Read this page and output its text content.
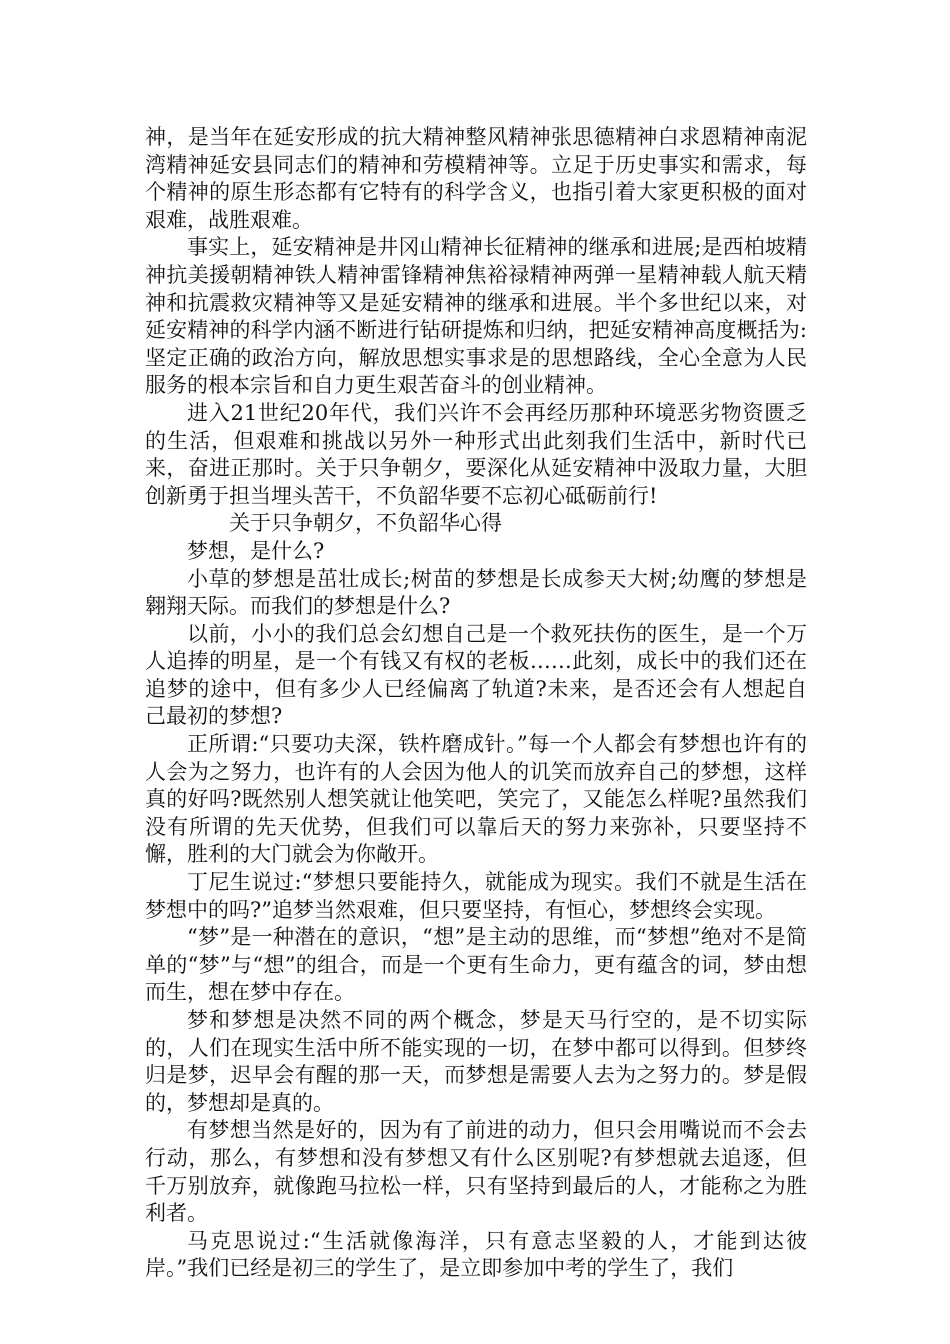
神，是当年在延安形成的抗大精神整风精神张思德精神白求恩精神南泥湾精神延安县同志们的精神和劳模精神等。立足于历史事实和需求，每个精神的原生形态都有它特有的科学含义，也指引着大家更积极的面对艰难，战胜艰难。

事实上，延安精神是井冈山精神长征精神的继承和进展;是西柏坡精神抗美援朝精神铁人精神雷锋精神焦裕禄精神两弹一星精神载人航天精神和抗震救灾精神等又是延安精神的继承和进展。半个多世纪以来，对延安精神的科学内涵不断进行钻研提炼和归纳，把延安精神高度概括为:坚定正确的政治方向，解放思想实事求是的思想路线，全心全意为人民服务的根本宗旨和自力更生艰苦奋斗的创业精神。

进入21世纪20年代，我们兴许不会再经历那种环境恶劣物资匮乏的生活，但艰难和挑战以另外一种形式出此刻我们生活中，新时代已来，奋进正那时。关于只争朝夕，要深化从延安精神中汲取力量，大胆创新勇于担当埋头苦干，不负韶华要不忘初心砥砺前行!

关于只争朝夕，不负韶华心得

梦想，是什么?

小草的梦想是茁壮成长;树苗的梦想是长成参天大树;幼鹰的梦想是翱翔天际。而我们的梦想是什么?

以前，小小的我们总会幻想自己是一个救死扶伤的医生，是一个万人追捧的明星，是一个有钱又有权的老板……此刻，成长中的我们还在追梦的途中，但有多少人已经偏离了轨道?未来，是否还会有人想起自己最初的梦想?

正所谓:“只要功夫深，铁杵磨成针。”每一个人都会有梦想也许有的人会为之努力，也许有的人会因为他人的讥笑而放弃自己的梦想，这样真的好吗?既然别人想笑就让他笑吧，笑完了，又能怎么样呢?虽然我们没有所谓的先天优势，但我们可以靠后天的努力来弥补，只要坚持不懈，胜利的大门就会为你敞开。

丁尼生说过:“梦想只要能持久，就能成为现实。我们不就是生活在梦想中的吗?”追梦当然艰难，但只要坚持，有恒心，梦想终会实现。

“梦”是一种潜在的意识，“想”是主动的思维，而“梦想”绝对不是简单的“梦”与“想”的组合，而是一个更有生命力，更有蕴含的词，梦由想而生，想在梦中存在。

梦和梦想是决然不同的两个概念，梦是天马行空的，是不切实际的，人们在现实生活中所不能实现的一切，在梦中都可以得到。但梦终归是梦，迟早会有醒的那一天，而梦想是需要人去为之努力的。梦是假的，梦想却是真的。

有梦想当然是好的，因为有了前进的动力，但只会用嘴说而不会去行动，那么，有梦想和没有梦想又有什么区别呢?有梦想就去追逐，但千万别放弃，就像跑马拉松一样，只有坚持到最后的人，才能称之为胜利者。

马克思说过:“生活就像海洋，只有意志坚毅的人，才能到达彼岸。”我们已经是初三的学生了，是立即参加中考的学生了，我们
